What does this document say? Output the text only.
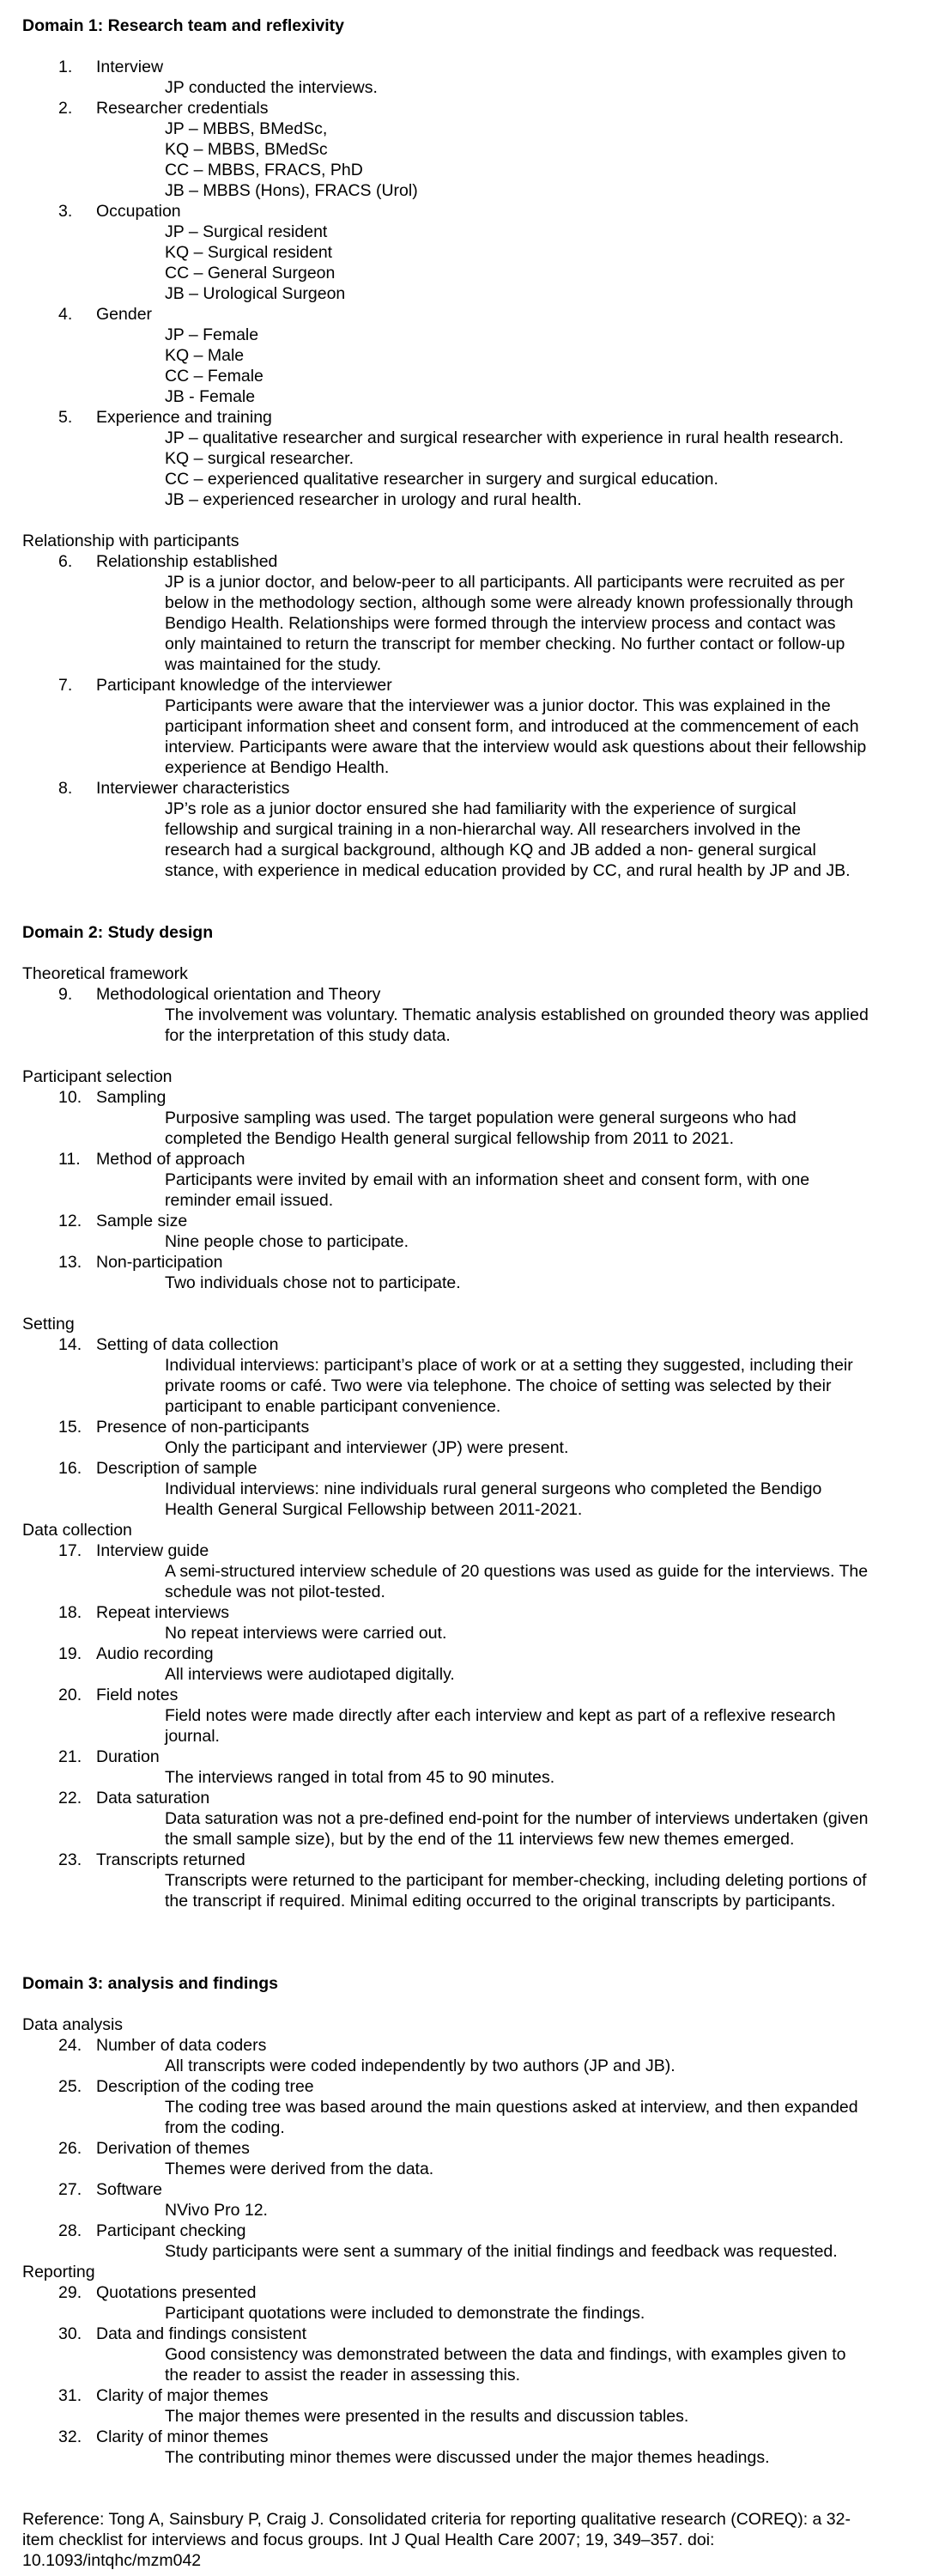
Domain 1: Research team and reflexivity
1.	Interview
JP conducted the interviews.
2.	Researcher credentials
JP – MBBS, BMedSc,
KQ – MBBS, BMedSc
CC – MBBS, FRACS, PhD
JB – MBBS (Hons), FRACS (Urol)
3.	Occupation
JP – Surgical resident
KQ – Surgical resident
CC – General Surgeon
JB – Urological Surgeon
4.	Gender
JP – Female
KQ – Male
CC – Female
JB - Female
5.	Experience and training
JP – qualitative researcher and surgical researcher with experience in rural health research.
KQ – surgical researcher.
CC – experienced qualitative researcher in surgery and surgical education.
JB – experienced researcher in urology and rural health.
Relationship with participants
6.	Relationship established
JP is a junior doctor, and below-peer to all participants. All participants were recruited as per
below in the methodology section, although some were already known professionally through
Bendigo Health. Relationships were formed through the interview process and contact was
only maintained to return the transcript for member checking. No further contact or follow-up
was maintained for the study.
7.	Participant knowledge of the interviewer
Participants were aware that the interviewer was a junior doctor. This was explained in the
participant information sheet and consent form, and introduced at the commencement of each
interview. Participants were aware that the interview would ask questions about their fellowship
experience at Bendigo Health.
8.	Interviewer characteristics
JP’s role as a junior doctor ensured she had familiarity with the experience of surgical
fellowship and surgical training in a non-hierarchal way. All researchers involved in the
research had a surgical background, although KQ and JB added a non- general surgical
stance, with experience in medical education provided by CC, and rural health by JP and JB.
Domain 2: Study design
Theoretical framework
9.	Methodological orientation and Theory
The involvement was voluntary. Thematic analysis established on grounded theory was applied
for the interpretation of this study data.
Participant selection
10. Sampling
Purposive sampling was used. The target population were general surgeons who had
completed the Bendigo Health general surgical fellowship from 2011 to 2021.
11. Method of approach
Participants were invited by email with an information sheet and consent form, with one
reminder email issued.
12. Sample size
Nine people chose to participate.
13. Non-participation
Two individuals chose not to participate.
Setting
14. Setting of data collection
Individual interviews: participant’s place of work or at a setting they suggested, including their
private rooms or café. Two were via telephone. The choice of setting was selected by their
participant to enable participant convenience.
15. Presence of non-participants
Only the participant and interviewer (JP) were present.
16. Description of sample
Individual interviews: nine individuals rural general surgeons who completed the Bendigo
Health General Surgical Fellowship between 2011-2021.
Data collection
17. Interview guide
A semi-structured interview schedule of 20 questions was used as guide for the interviews. The
schedule was not pilot-tested.
18. Repeat interviews
No repeat interviews were carried out.
19. Audio recording
All interviews were audiotaped digitally.
20. Field notes
Field notes were made directly after each interview and kept as part of a reflexive research
journal.
21. Duration
The interviews ranged in total from 45 to 90 minutes.
22. Data saturation
Data saturation was not a pre-defined end-point for the number of interviews undertaken (given
the small sample size), but by the end of the 11 interviews few new themes emerged.
23. Transcripts returned
Transcripts were returned to the participant for member-checking, including deleting portions of
the transcript if required. Minimal editing occurred to the original transcripts by participants.
Domain 3: analysis and findings
Data analysis
24. Number of data coders
All transcripts were coded independently by two authors (JP and JB).
25. Description of the coding tree
The coding tree was based around the main questions asked at interview, and then expanded
from the coding.
26. Derivation of themes
Themes were derived from the data.
27. Software
NVivo Pro 12.
28. Participant checking
Study participants were sent a summary of the initial findings and feedback was requested.
Reporting
29. Quotations presented
Participant quotations were included to demonstrate the findings.
30. Data and findings consistent
Good consistency was demonstrated between the data and findings, with examples given to
the reader to assist the reader in assessing this.
31. Clarity of major themes
The major themes were presented in the results and discussion tables.
32. Clarity of minor themes
The contributing minor themes were discussed under the major themes headings.
Reference: Tong A, Sainsbury P, Craig J. Consolidated criteria for reporting qualitative research (COREQ): a 32-
item checklist for interviews and focus groups. Int J Qual Health Care 2007; 19, 349–357. doi:
10.1093/intqhc/mzm042
